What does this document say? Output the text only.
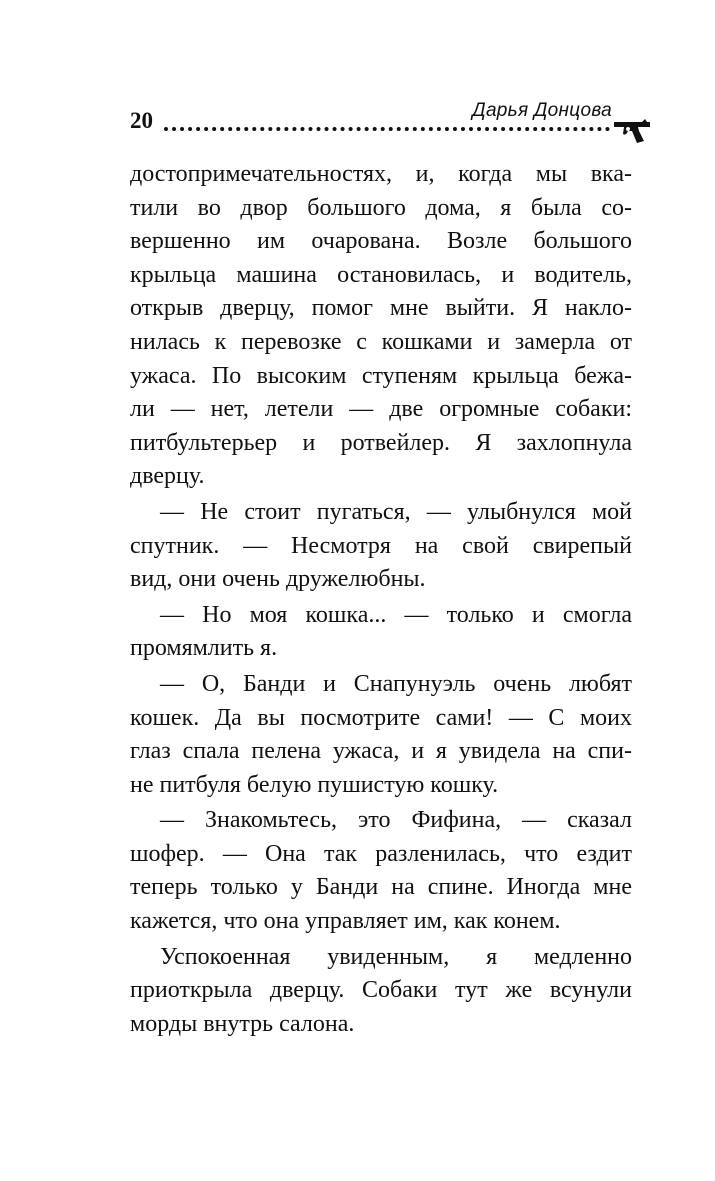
20	Дарья Донцова

достопримечательностях, и, когда мы вка-

тили во двор большого дома, я была со-

вершенно им очарована. Возле большого

крыльца машина остановилась, и водитель,

открыв дверцу, помог мне выйти. Я накло-

нилась к перевозке с кошками и замерла от

ужаса. По высоким ступеням крыльца бежа-

ли — нет, летели — две огромные собаки:

питбультерьер и ротвейлер. Я захлопнула

дверцу.

— Не стоит пугаться, — улыбнулся мой

спутник. — Несмотря на свой свирепый

вид, они очень дружелюбны.

— Но моя кошка... — только и смогла

промямлить я.

— О, Банди и Снапунуэль очень любят

кошек. Да вы посмотрите сами! — С моих

глаз спала пелена ужаса, и я увидела на спи-

не питбуля белую пушистую кошку.

— Знакомьтесь, это Фифина, — сказал

шофер. — Она так разленилась, что ездит

теперь только у Банди на спине. Иногда мне

кажется, что она управляет им, как конем.

Успокоенная увиденным, я медленно

приоткрыла дверцу. Собаки тут же всунули

морды внутрь салона.
